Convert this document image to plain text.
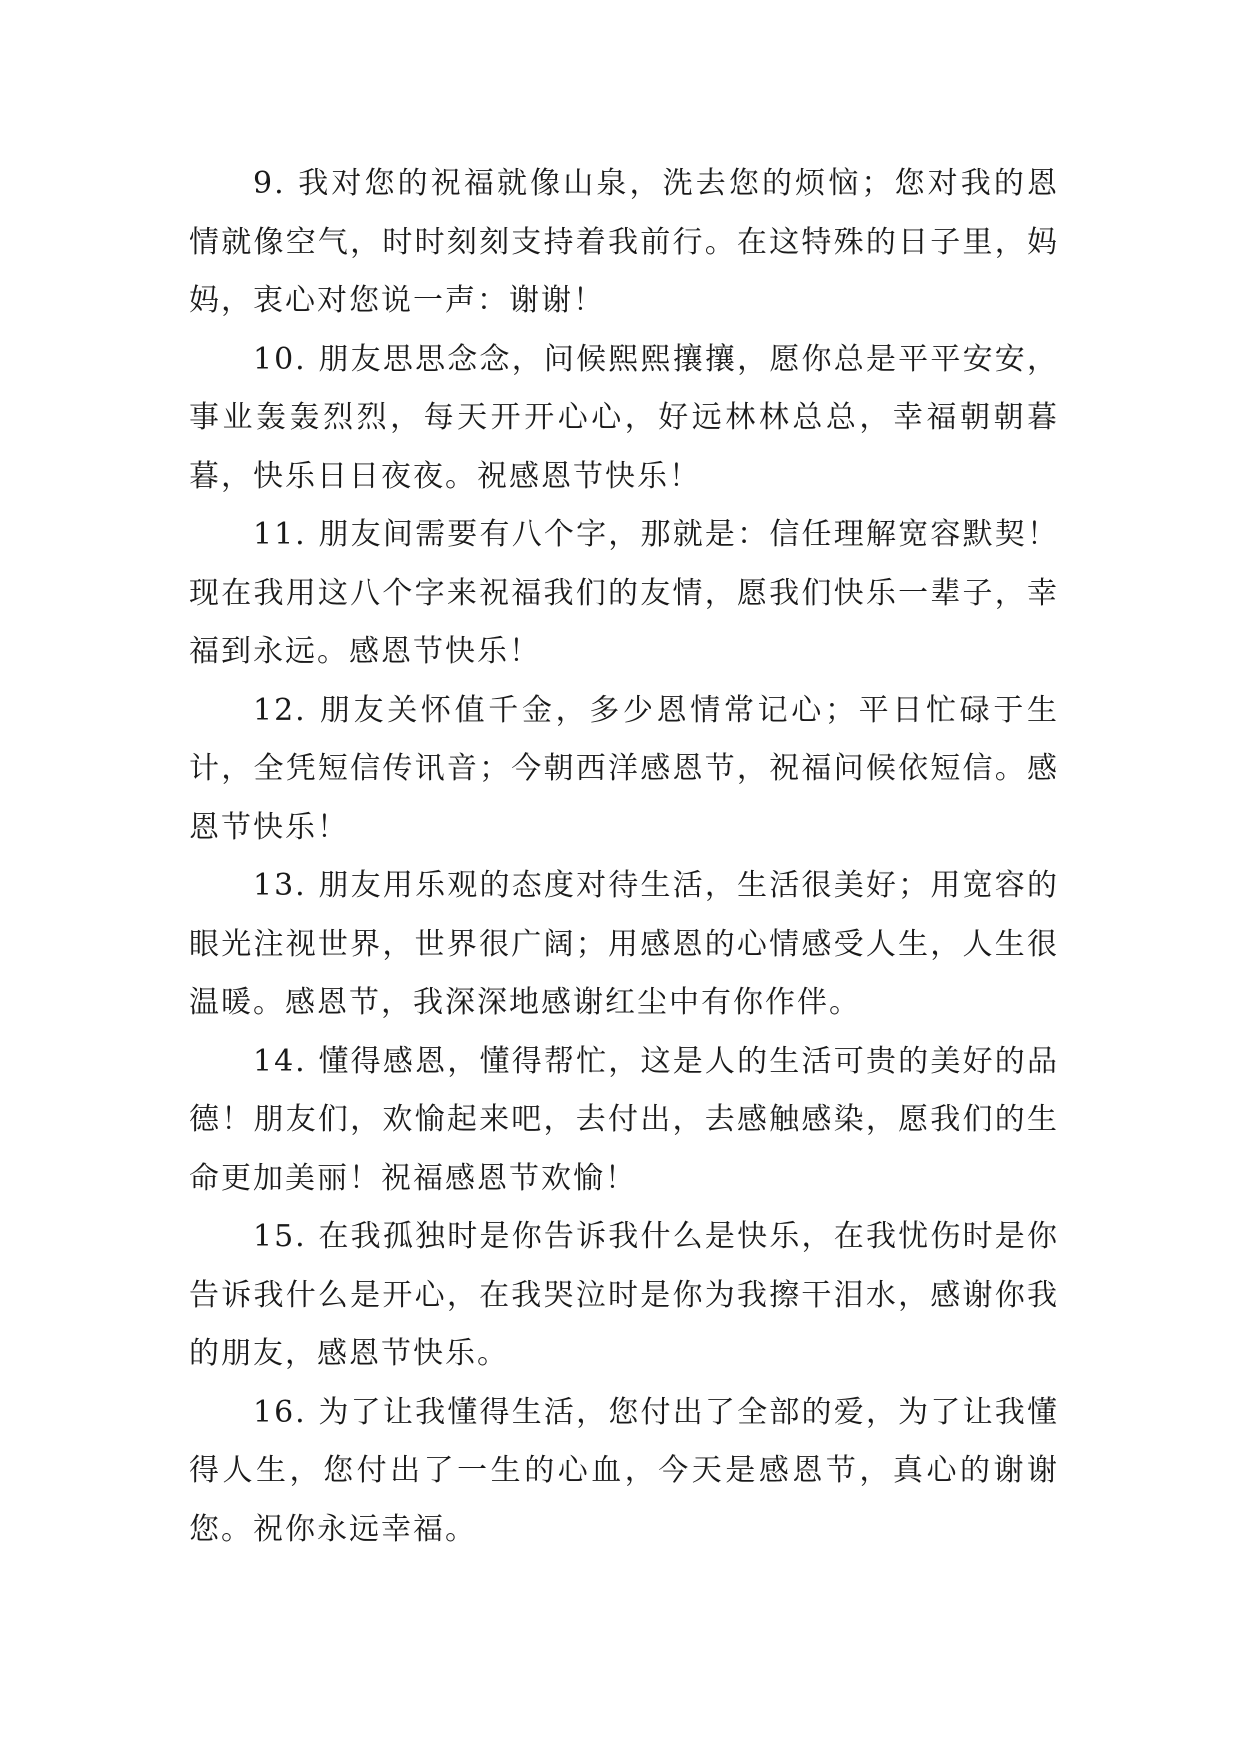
9. 我对您的祝福就像山泉，洗去您的烦恼；您对我的恩情就像空气，时时刻刻支持着我前行。在这特殊的日子里，妈妈，衷心对您说一声：谢谢！

10. 朋友思思念念，问候熙熙攘攘，愿你总是平平安安，事业轰轰烈烈，每天开开心心，好远林林总总，幸福朝朝暮暮，快乐日日夜夜。祝感恩节快乐！

11. 朋友间需要有八个字，那就是：信任理解宽容默契！现在我用这八个字来祝福我们的友情，愿我们快乐一辈子，幸福到永远。感恩节快乐！

12. 朋友关怀值千金，多少恩情常记心；平日忙碌于生计，全凭短信传讯音；今朝西洋感恩节，祝福问候依短信。感恩节快乐！

13. 朋友用乐观的态度对待生活，生活很美好；用宽容的眼光注视世界，世界很广阔；用感恩的心情感受人生，人生很温暖。感恩节，我深深地感谢红尘中有你作伴。

14. 懂得感恩，懂得帮忙，这是人的生活可贵的美好的品德！朋友们，欢愉起来吧，去付出，去感触感染，愿我们的生命更加美丽！祝福感恩节欢愉！

15. 在我孤独时是你告诉我什么是快乐，在我忧伤时是你告诉我什么是开心，在我哭泣时是你为我擦干泪水，感谢你我的朋友，感恩节快乐。

16. 为了让我懂得生活，您付出了全部的爱，为了让我懂得人生，您付出了一生的心血，今天是感恩节，真心的谢谢您。祝你永远幸福。
